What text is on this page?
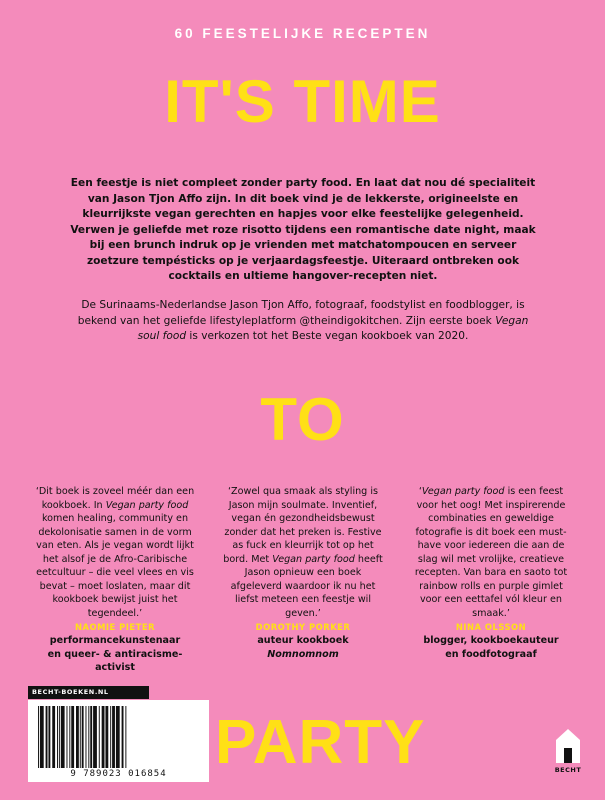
60 FEESTELIJKE RECEPTEN
IT'S TIME
Een feestje is niet compleet zonder party food. En laat dat nou dé specialiteit van Jason Tjon Affo zijn. In dit boek vind je de lekkerste, origineelste en kleurrijkste vegan gerechten en hapjes voor elke feestelijke gelegenheid. Verwen je geliefde met roze risotto tijdens een romantische date night, maak bij een brunch indruk op je vrienden met matchatompoucen en serveer zoetzure tempésticks op je verjaardagsfeestje. Uiteraard ontbreken ook cocktails en ultieme hangover-recepten niet.
De Surinaams-Nederlandse Jason Tjon Affo, fotograaf, foodstylist en foodblogger, is bekend van het geliefde lifestyleplatform @theindigokitchen. Zijn eerste boek Vegan soul food is verkozen tot het Beste vegan kookboek van 2020.
TO
‘Dit boek is zoveel méér dan een kookboek. In Vegan party food komen healing, community en dekolonisatie samen in de vorm van eten. Als je vegan wordt lijkt het alsof je de Afro-Caribische eetcultuur – die veel vlees en vis bevat – moet loslaten, maar dit kookboek bewijst juist het tegendeel.’
NAOMIE PIETER
performancekunstenaar
en queer- & antiracisme-activist
‘Zowel qua smaak als styling is Jason mijn soulmate. Inventief, vegan én gezondheidsbewust zonder dat het preken is. Festive as fuck en kleurrijk tot op het bord. Met Vegan party food heeft Jason opnieuw een boek afgeleverd waardoor ik nu het liefst meteen een feestje wil geven.’
DOROTHY PORKER
auteur kookboek
Nomnomnom
‘Vegan party food is een feest voor het oog! Met inspirerende combinaties en geweldige fotografie is dit boek een must-have voor iedereen die aan de slag wil met vrolijke, creatieve recepten. Van bara en saoto tot rainbow rolls en purple gimlet voor een eettafel vól kleur en smaak.’
NINA OLSSON
blogger, kookboekauteur
en foodfotograaf
BECHT-BOEKEN.NL
9 789023 016854 PARTY	BECHT
